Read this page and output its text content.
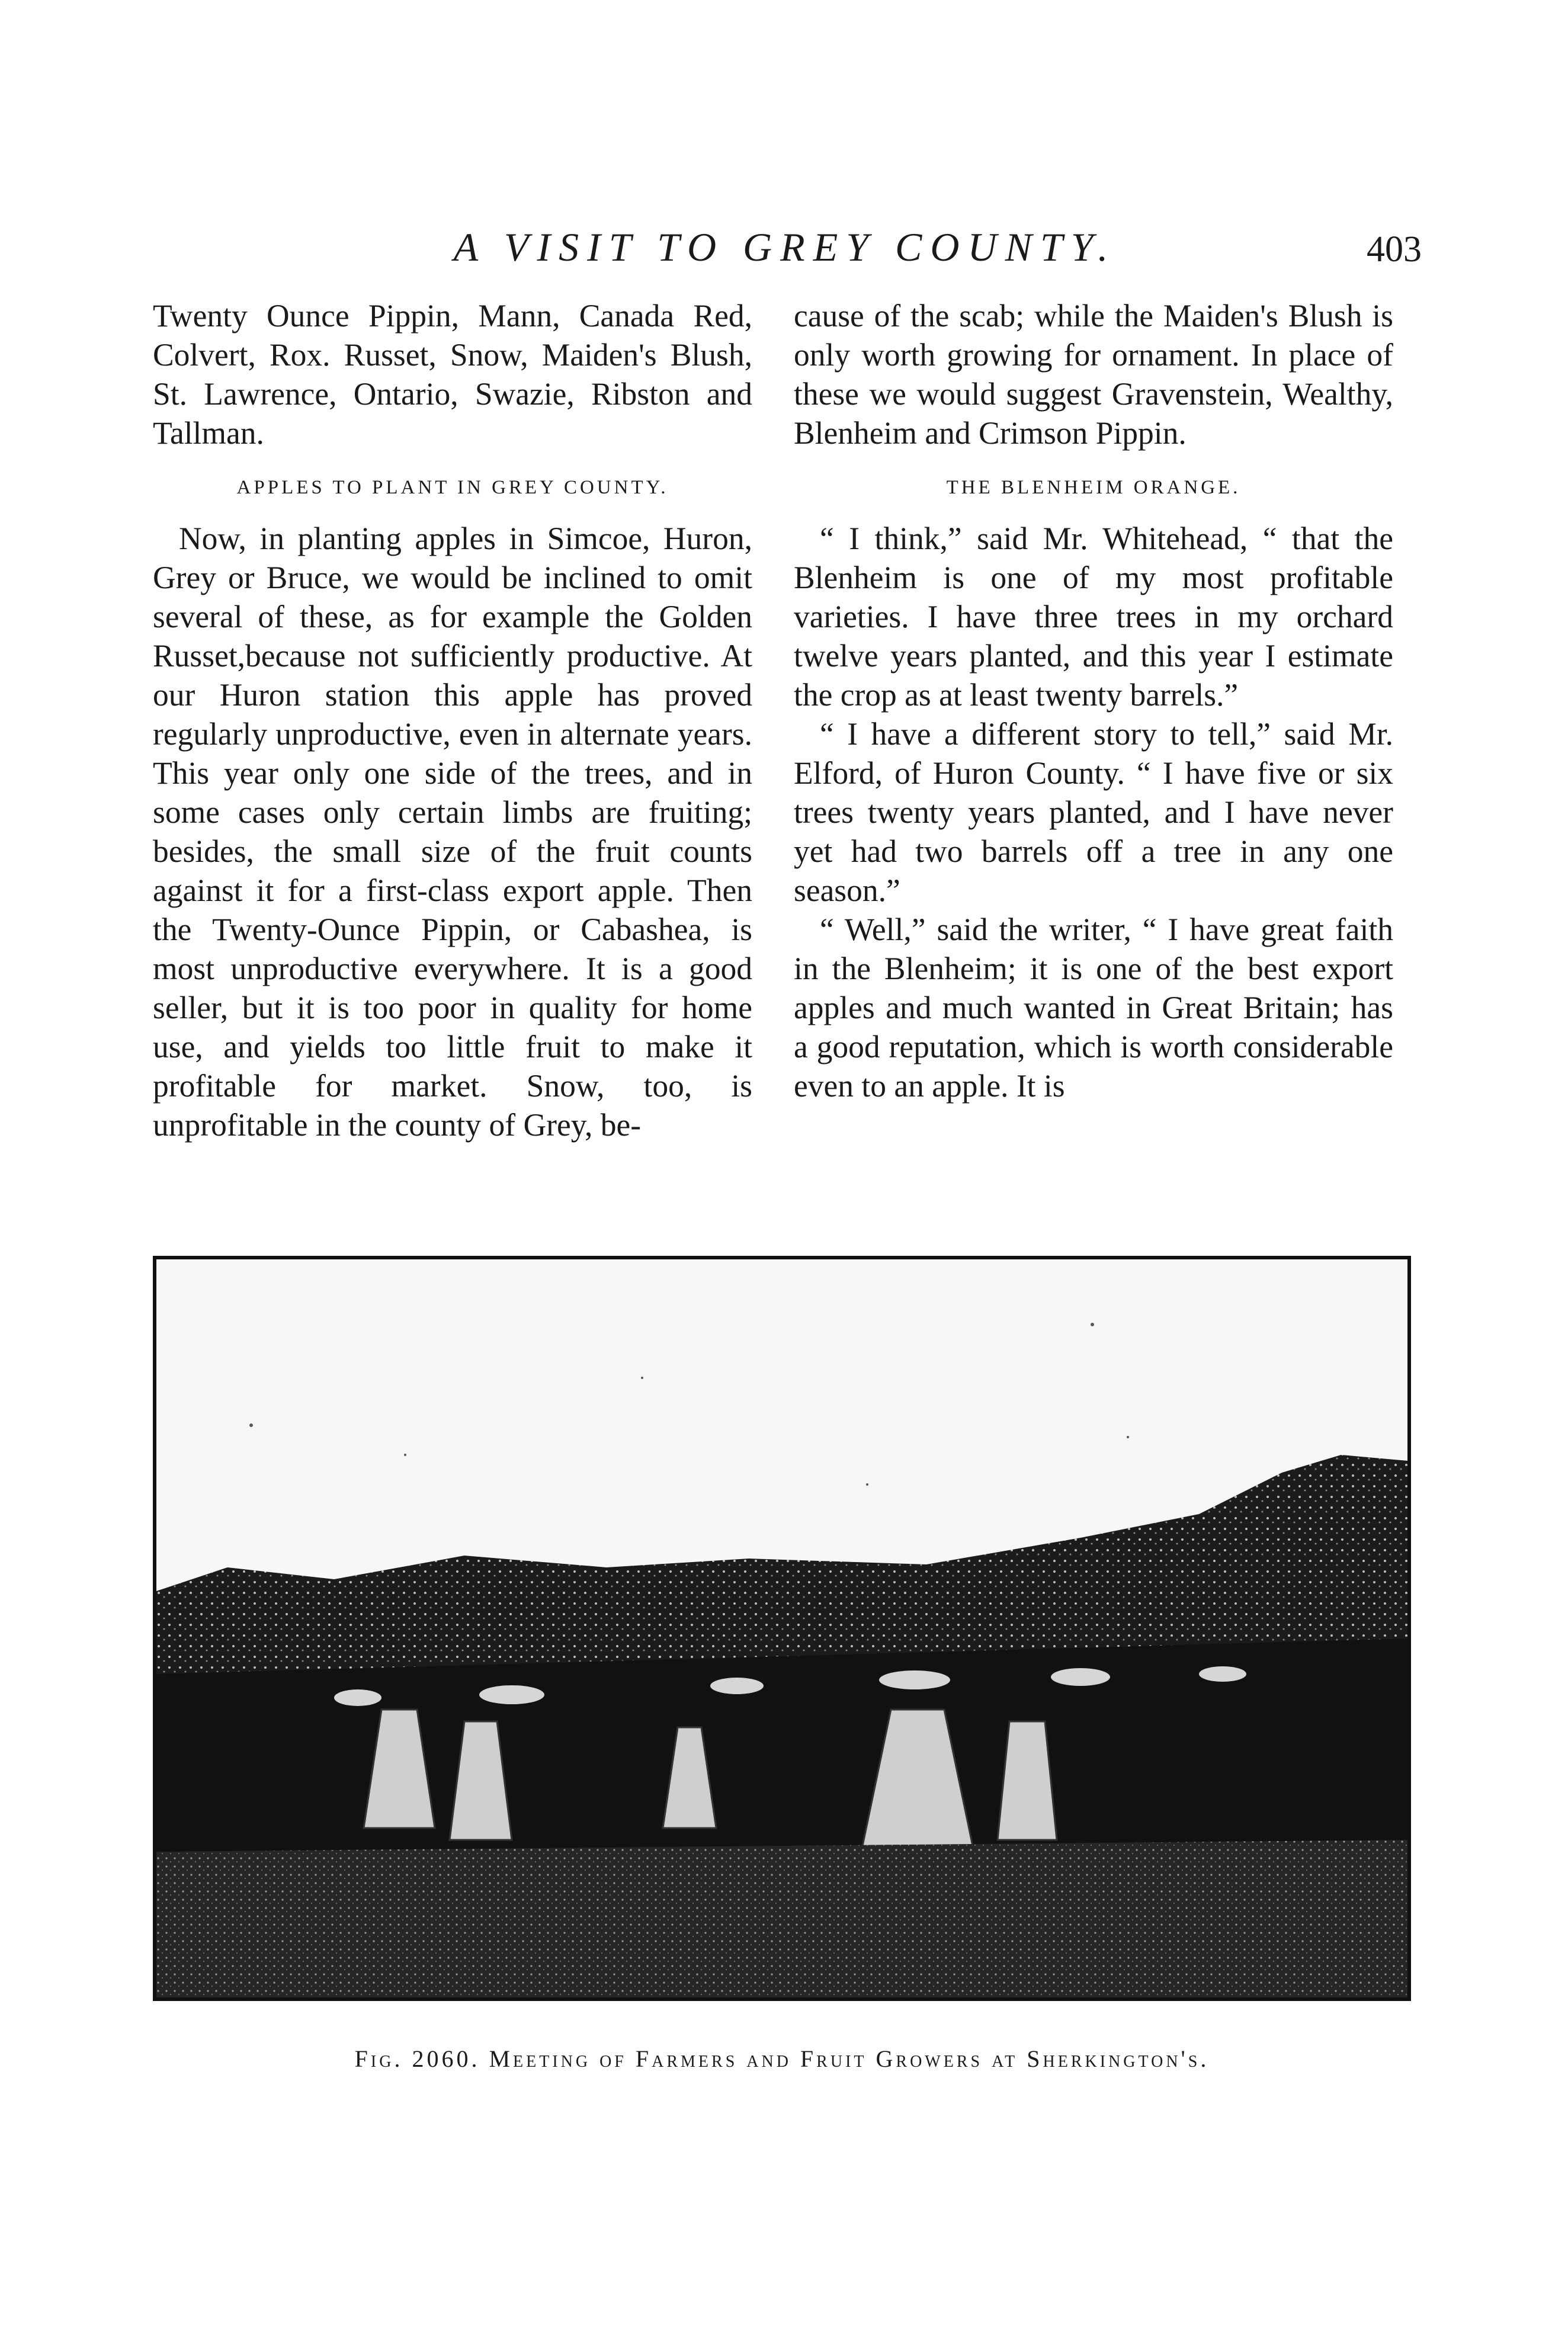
A VISIT TO GREY COUNTY.	403

Twenty Ounce Pippin, Mann, Canada Red, Colvert, Rox. Russet, Snow, Maiden's Blush, St. Lawrence, Ontario, Swazie, Ribston and Tallman.

APPLES TO PLANT IN GREY COUNTY.

Now, in planting apples in Simcoe, Huron, Grey or Bruce, we would be inclined to omit several of these, as for example the Golden Russet,because not sufficiently productive. At our Huron station this apple has proved regularly unproductive, even in alternate years. This year only one side of the trees, and in some cases only certain limbs are fruiting; besides, the small size of the fruit counts against it for a first-class export apple. Then the Twenty-Ounce Pippin, or Cabashea, is most unproductive everywhere. It is a good seller, but it is too poor in quality for home use, and yields too little fruit to make it profitable for market. Snow, too, is unprofitable in the county of Grey, be-

cause of the scab; while the Maiden's Blush is only worth growing for ornament. In place of these we would suggest Gravenstein, Wealthy, Blenheim and Crimson Pippin.

THE BLENHEIM ORANGE.

“ I think,” said Mr. Whitehead, “ that the Blenheim is one of my most profitable varieties. I have three trees in my orchard twelve years planted, and this year I estimate the crop as at least twenty barrels.”

“ I have a different story to tell,” said Mr. Elford, of Huron County. “ I have five or six trees twenty years planted, and I have never yet had two barrels off a tree in any one season.”

“ Well,” said the writer, “ I have great faith in the Blenheim; it is one of the best export apples and much wanted in Great Britain; has a good reputation, which is worth considerable even to an apple. It is

Fig. 2060. Meeting of Farmers and Fruit Growers at Sherkington's.
